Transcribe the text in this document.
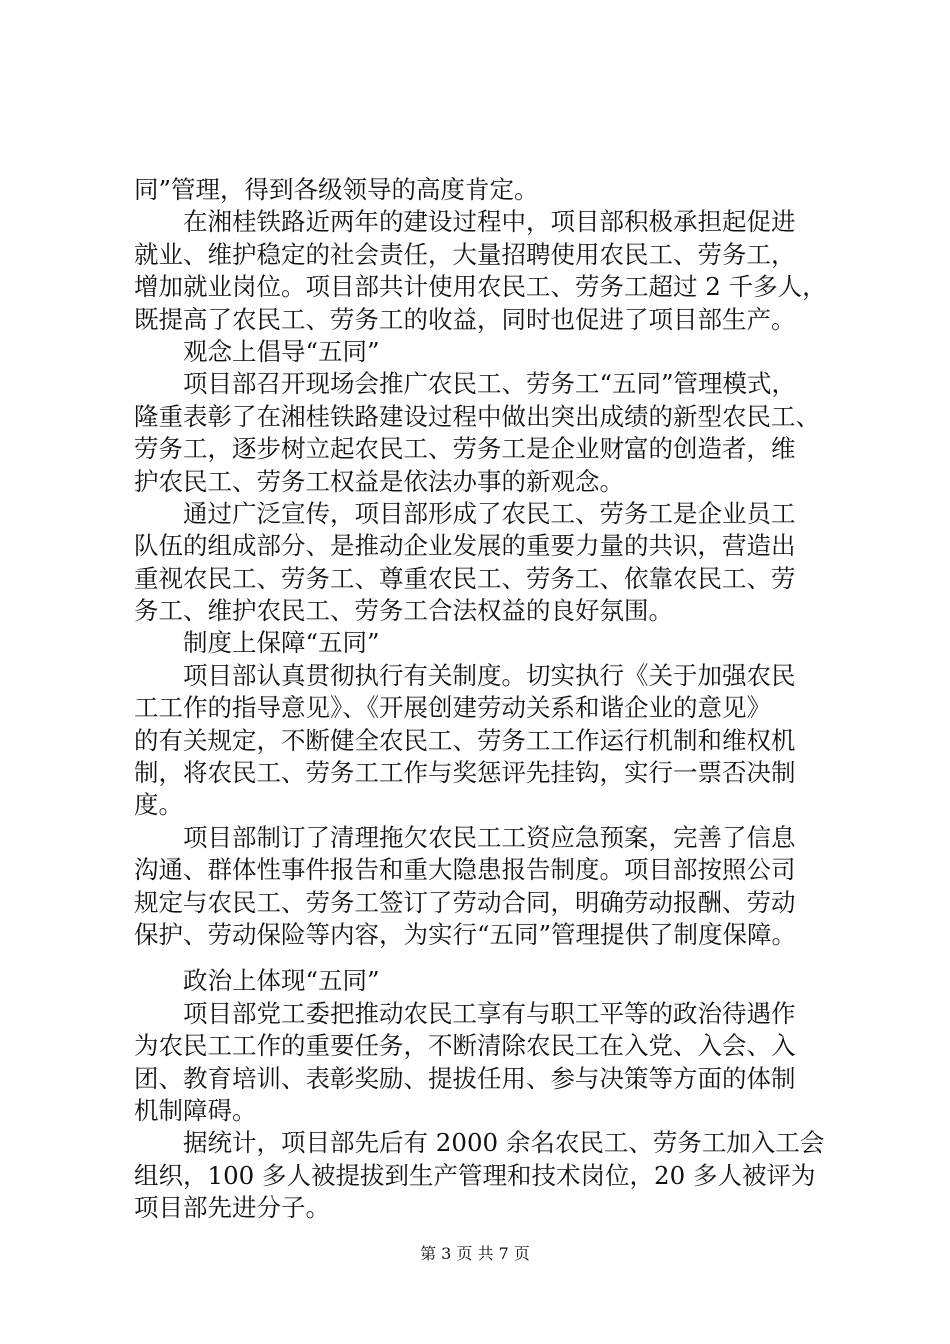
同”管理，得到各级领导的高度肯定。

在湘桂铁路近两年的建设过程中，项目部积极承担起促进

就业、维护稳定的社会责任，大量招聘使用农民工、劳务工，

增加就业岗位。项目部共计使用农民工、劳务工超过 2 千多人，

既提高了农民工、劳务工的收益，同时也促进了项目部生产。

观念上倡导“五同”

项目部召开现场会推广农民工、劳务工“五同”管理模式，

隆重表彰了在湘桂铁路建设过程中做出突出成绩的新型农民工、

劳务工，逐步树立起农民工、劳务工是企业财富的创造者，维

护农民工、劳务工权益是依法办事的新观念。

通过广泛宣传，项目部形成了农民工、劳务工是企业员工

队伍的组成部分、是推动企业发展的重要力量的共识，营造出

重视农民工、劳务工、尊重农民工、劳务工、依靠农民工、劳

务工、维护农民工、劳务工合法权益的良好氛围。

制度上保障“五同”

项目部认真贯彻执行有关制度。切实执行《关于加强农民

工工作的指导意见》、《开展创建劳动关系和谐企业的意见》

的有关规定，不断健全农民工、劳务工工作运行机制和维权机

制，将农民工、劳务工工作与奖惩评先挂钩，实行一票否决制

度。

项目部制订了清理拖欠农民工工资应急预案，完善了信息

沟通、群体性事件报告和重大隐患报告制度。项目部按照公司

规定与农民工、劳务工签订了劳动合同，明确劳动报酬、劳动

保护、劳动保险等内容，为实行“五同”管理提供了制度保障。

政治上体现“五同”

项目部党工委把推动农民工享有与职工平等的政治待遇作

为农民工工作的重要任务，不断清除农民工在入党、入会、入

团、教育培训、表彰奖励、提拔任用、参与决策等方面的体制

机制障碍。

据统计，项目部先后有 2000 余名农民工、劳务工加入工会

组织，100 多人被提拔到生产管理和技术岗位，20 多人被评为

项目部先进分子。

第 3 页 共 7 页
